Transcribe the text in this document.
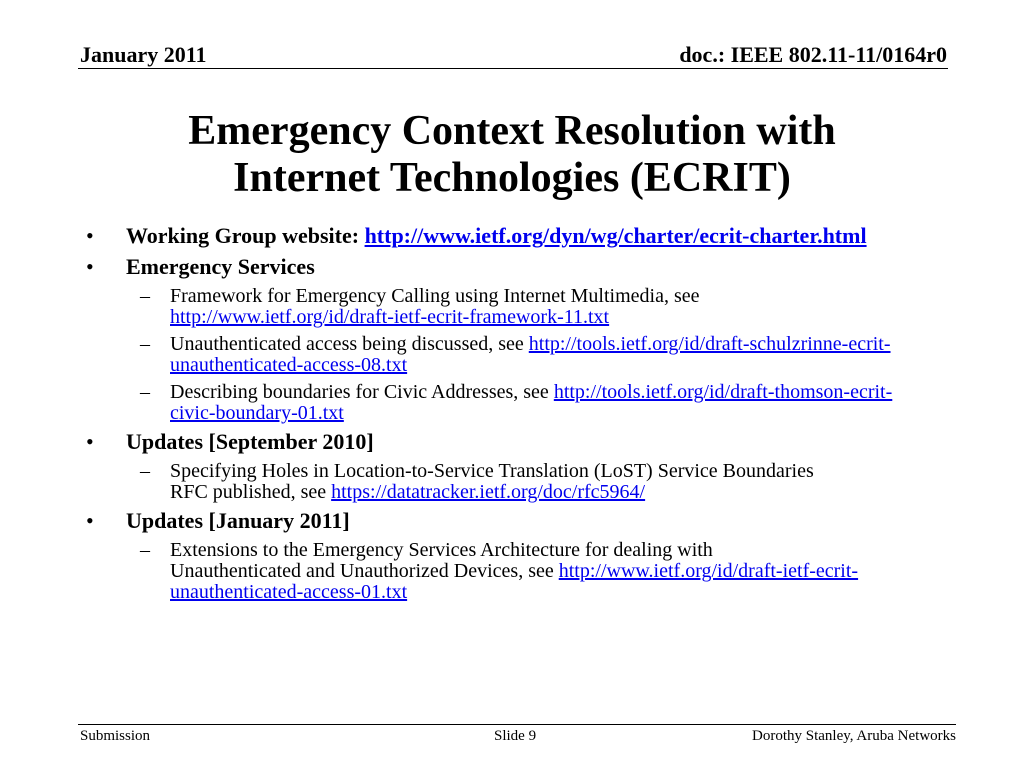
January 2011	doc.: IEEE 802.11-11/0164r0
Emergency Context Resolution with
Internet Technologies (ECRIT)
• Working Group website: http://www.ietf.org/dyn/wg/charter/ecrit-charter.html
• Emergency Services
– Framework for Emergency Calling using Internet Multimedia, see
http://www.ietf.org/id/draft-ietf-ecrit-framework-11.txt
– Unauthenticated access being discussed, see http://tools.ietf.org/id/draft-schulzrinne-ecrit-unauthenticated-access-08.txt
– Describing boundaries for Civic Addresses, see http://tools.ietf.org/id/draft-thomson-ecrit-civic-boundary-01.txt
• Updates [September 2010]
– Specifying Holes in Location-to-Service Translation (LoST) Service Boundaries
RFC published, see https://datatracker.ietf.org/doc/rfc5964/
• Updates [January 2011]
– Extensions to the Emergency Services Architecture for dealing with
Unauthenticated and Unauthorized Devices, see http://www.ietf.org/id/draft-ietf-ecrit-unauthenticated-access-01.txt
Submission	Slide 9	Dorothy Stanley, Aruba Networks
